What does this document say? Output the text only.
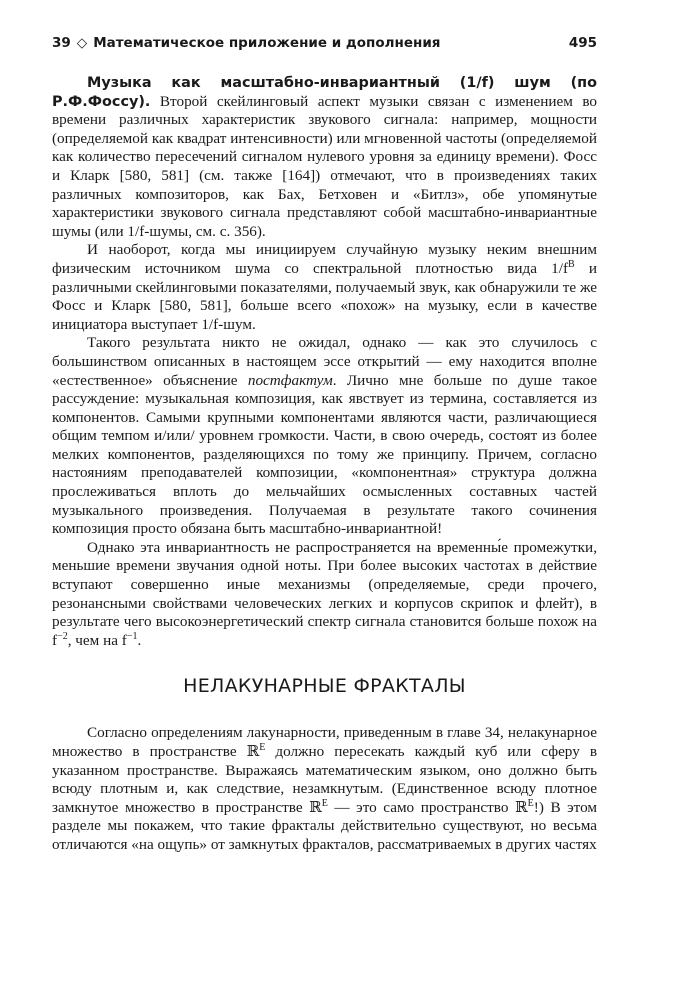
39 ◇ Математическое приложение и дополнения	495

Музыка как масштабно-инвариантный (1/f) шум (по Р.Ф.Фоссу). Второй скейлинговый аспект музыки связан с изменением во времени различных характеристик звукового сигнала: например, мощности (определяемой как квадрат интенсивности) или мгновенной частоты (определяемой как количество пересечений сигналом нулевого уровня за единицу времени). Фосс и Кларк [580, 581] (см. также [164]) отмечают, что в произведениях таких различных композиторов, как Бах, Бетховен и «Битлз», обе упомянутые характеристики звукового сигнала представляют собой масштабно-инвариантные шумы (или 1/f-шумы, см. с. 356).

И наоборот, когда мы инициируем случайную музыку неким внешним физическим источником шума со спектральной плотностью вида $1/f^B$ и различными скейлинговыми показателями, получаемый звук, как обнаружили те же Фосс и Кларк [580, 581], больше всего «похож» на музыку, если в качестве инициатора выступает 1/f-шум.

Такого результата никто не ожидал, однако — как это случилось с большинством описанных в настоящем эссе открытий — ему находится вполне «естественное» объяснение постфактум. Лично мне больше по душе такое рассуждение: музыкальная композиция, как явствует из термина, составляется из компонентов. Самыми крупными компонентами являются части, различающиеся общим темпом и/или/ уровнем громкости. Части, в свою очередь, состоят из более мелких компонентов, разделяющихся по тому же принципу. Причем, согласно настояниям преподавателей композиции, «компонентная» структура должна прослеживаться вплоть до мельчайших осмысленных составных частей музыкального произведения. Получаемая в результате такого сочинения композиция просто обязана быть масштабно-инвариантной!

Однако эта инвариантность не распространяется на временны́е промежутки, меньшие времени звучания одной ноты. При более высоких частотах в действие вступают совершенно иные механизмы (определяемые, среди прочего, резонансными свойствами человеческих легких и корпусов скрипок и флейт), в результате чего высокоэнергетический спектр сигнала становится больше похож на $f^{-2}$, чем на $f^{-1}$.

НЕЛАКУНАРНЫЕ ФРАКТАЛЫ

Согласно определениям лакунарности, приведенным в главе 34, нелакунарное множество в пространстве ℝ$^E$ должно пересекать каждый куб или сферу в указанном пространстве. Выражаясь математическим языком, оно должно быть всюду плотным и, как следствие, незамкнутым. (Единственное всюду плотное замкнутое множество в пространстве ℝ$^E$ — это само пространство ℝ$^E$!) В этом разделе мы покажем, что такие фракталы действительно существуют, но весьма отличаются «на ощупь» от замкнутых фракталов, рассматриваемых в других частях
